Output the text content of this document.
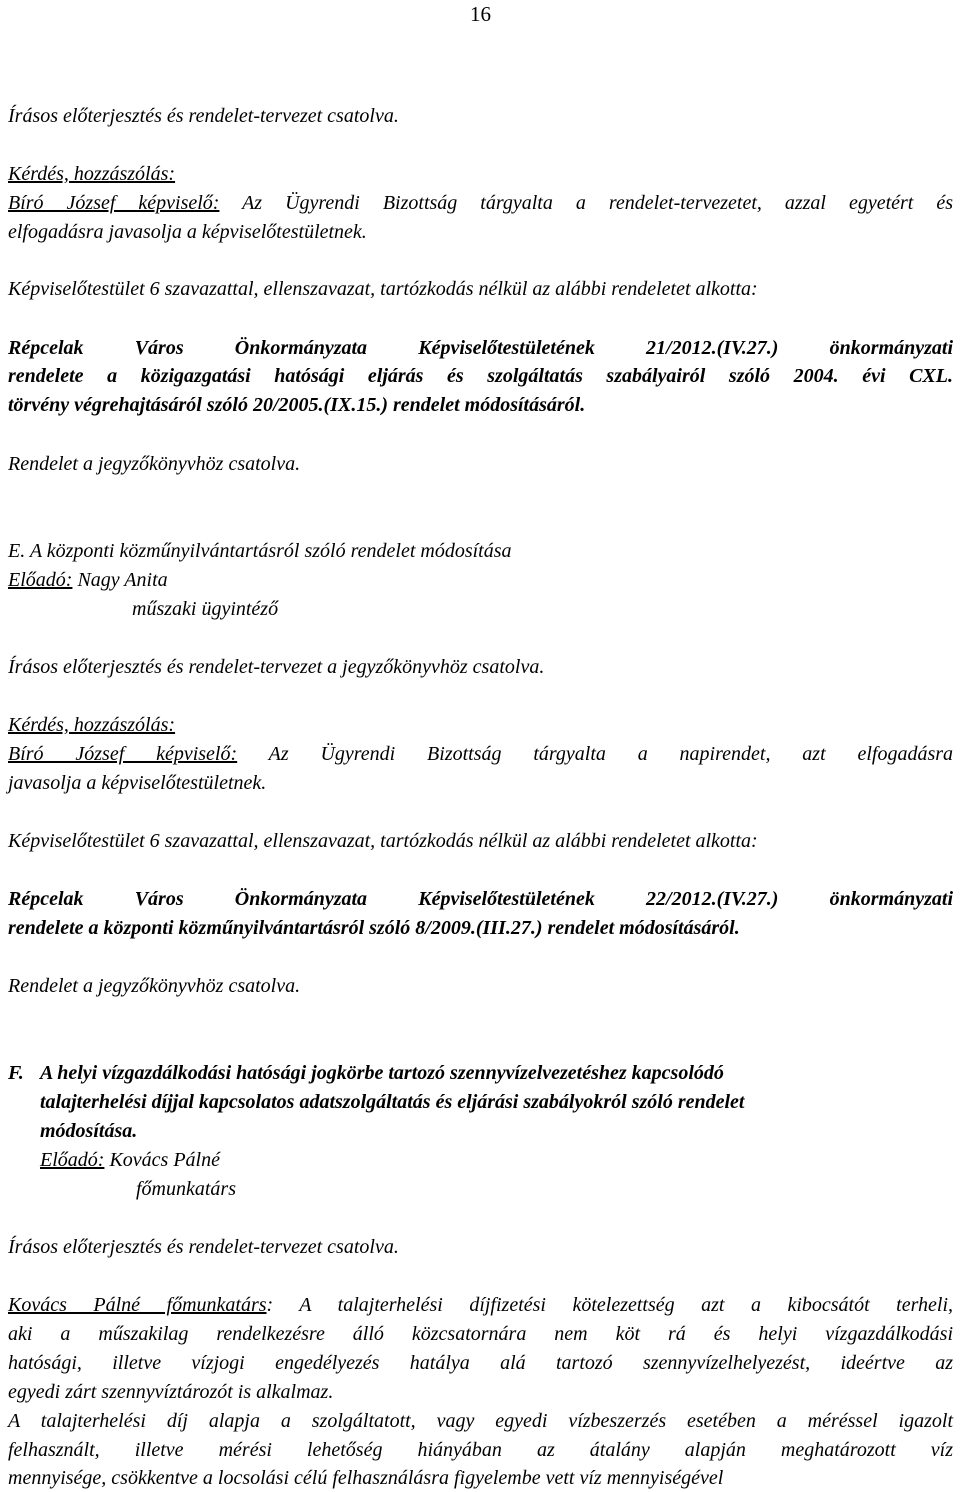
16
Írásos előterjesztés és rendelet-tervezet csatolva.
Kérdés, hozzászólás:
Bíró József képviselő: Az Ügyrendi Bizottság tárgyalta a rendelet-tervezetet, azzal egyetért és
elfogadásra javasolja a képviselőtestületnek.
Képviselőtestület 6 szavazattal, ellenszavazat, tartózkodás nélkül az alábbi rendeletet alkotta:
Répcelak Város Önkormányzata Képviselőtestületének 21/2012.(IV.27.) önkormányzati
rendelete a közigazgatási hatósági eljárás és szolgáltatás szabályairól szóló 2004. évi CXL.
törvény végrehajtásáról szóló 20/2005.(IX.15.) rendelet módosításáról.
Rendelet a jegyzőkönyvhöz csatolva.
E. A központi közműnyilvántartásról szóló rendelet módosítása
Előadó: Nagy Anita
műszaki ügyintéző
Írásos előterjesztés és rendelet-tervezet a jegyzőkönyvhöz csatolva.
Kérdés, hozzászólás:
Bíró József képviselő: Az Ügyrendi Bizottság tárgyalta a napirendet, azt elfogadásra
javasolja a képviselőtestületnek.
Képviselőtestület 6 szavazattal, ellenszavazat, tartózkodás nélkül az alábbi rendeletet alkotta:
Répcelak Város Önkormányzata Képviselőtestületének 22/2012.(IV.27.) önkormányzati
rendelete a központi közműnyilvántartásról szóló 8/2009.(III.27.) rendelet módosításáról.
Rendelet a jegyzőkönyvhöz csatolva.
F. A helyi vízgazdálkodási hatósági jogkörbe tartozó szennyvízelvezetéshez kapcsolódó
talajterhelési díjjal kapcsolatos adatszolgáltatás és eljárási szabályokról szóló rendelet
módosítása.
Előadó: Kovács Pálné
főmunkatárs
Írásos előterjesztés és rendelet-tervezet csatolva.
Kovács Pálné főmunkatárs: A talajterhelési díjfizetési kötelezettség azt a kibocsátót terheli,
aki a műszakilag rendelkezésre álló közcsatornára nem köt rá és helyi vízgazdálkodási
hatósági, illetve vízjogi engedélyezés hatálya alá tartozó szennyvízelhelyezést, ideértve az
egyedi zárt szennyvíztározót is alkalmaz.
A talajterhelési díj alapja a szolgáltatott, vagy egyedi vízbeszerzés esetében a méréssel igazolt
felhasznált, illetve mérési lehetőség hiányában az átalány alapján meghatározott víz
mennyisége, csökkentve a locsolási célú felhasználásra figyelembe vett víz mennyiségével
